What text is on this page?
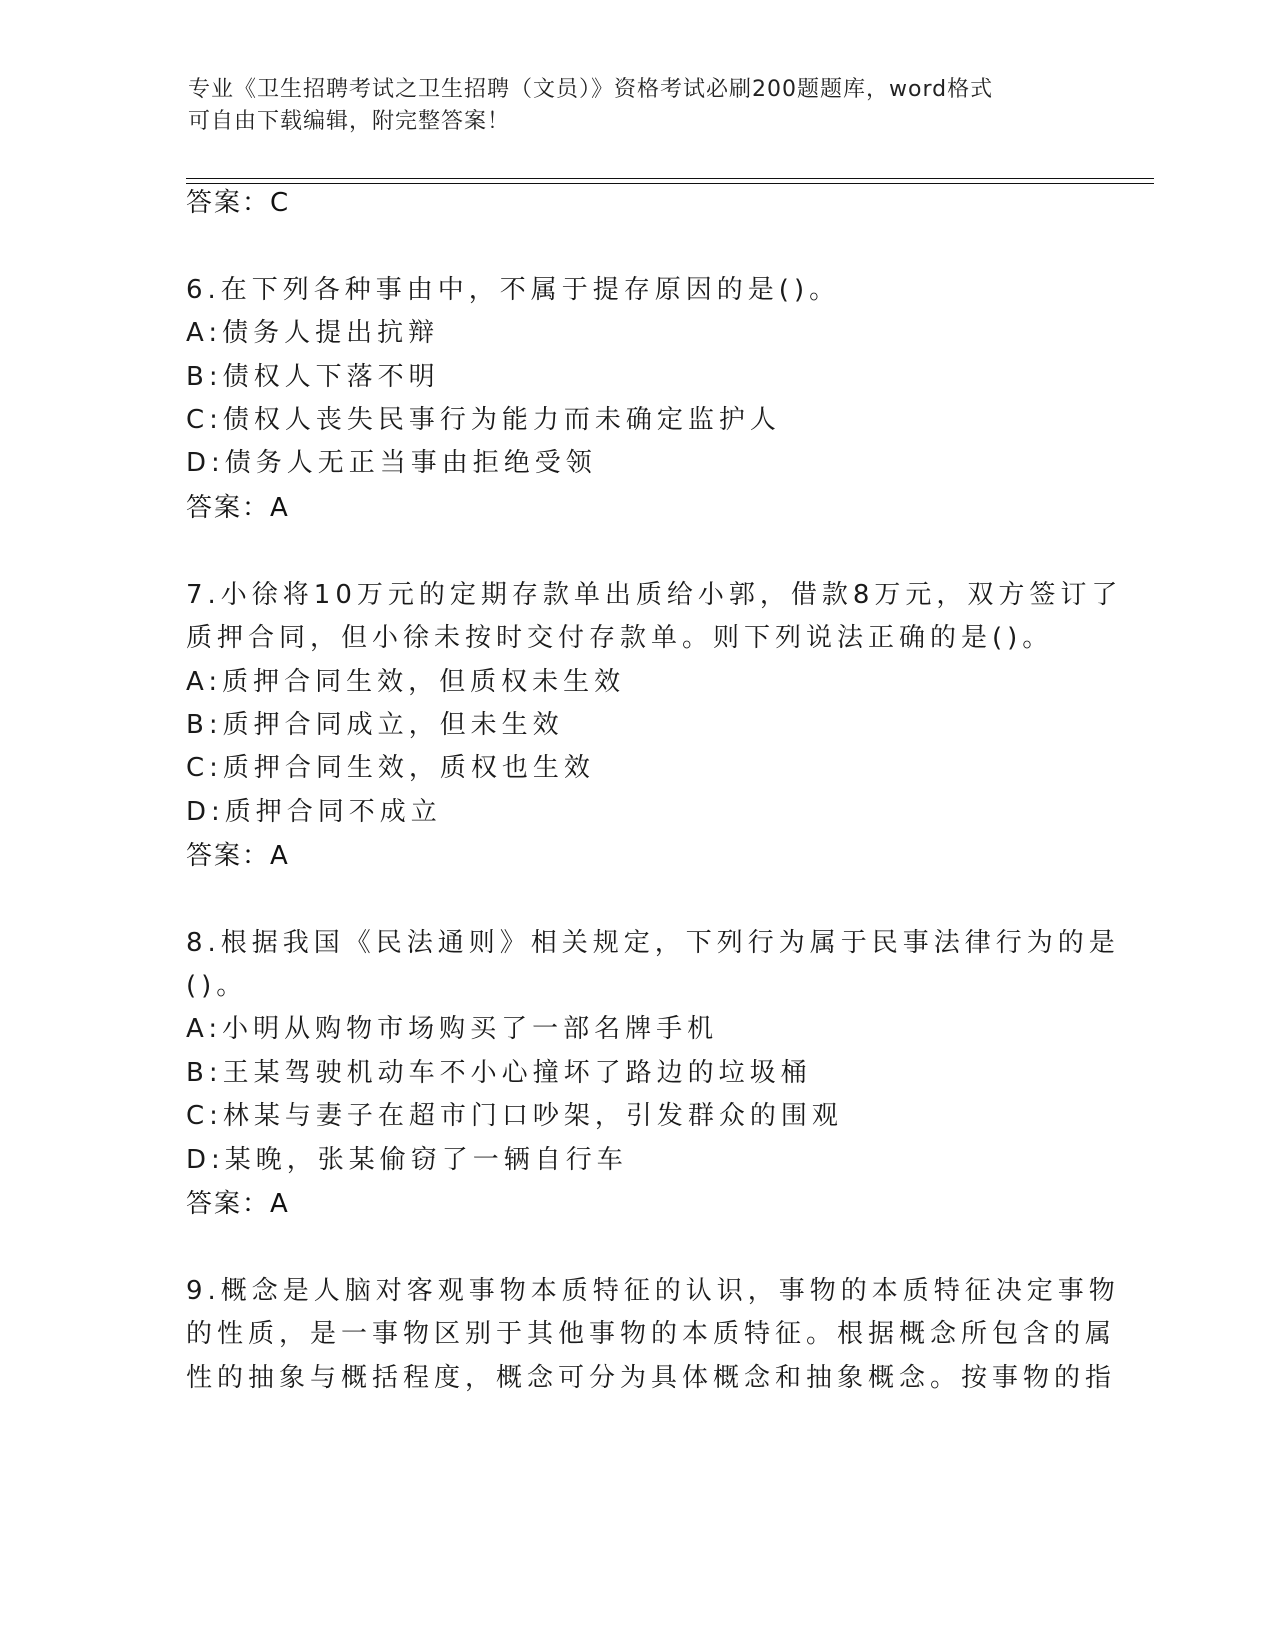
专业《卫生招聘考试之卫生招聘（文员）》资格考试必刷200题题库，word格式
可自由下载编辑，附完整答案！
答案：C
6.在下列各种事由中，不属于提存原因的是()。
A:债务人提出抗辩
B:债权人下落不明
C:债权人丧失民事行为能力而未确定监护人
D:债务人无正当事由拒绝受领
答案：A
7.小徐将10万元的定期存款单出质给小郭，借款8万元，双方签订了
质押合同，但小徐未按时交付存款单。则下列说法正确的是()。
A:质押合同生效，但质权未生效
B:质押合同成立，但未生效
C:质押合同生效，质权也生效
D:质押合同不成立
答案：A
8.根据我国《民法通则》相关规定，下列行为属于民事法律行为的是
()。
A:小明从购物市场购买了一部名牌手机
B:王某驾驶机动车不小心撞坏了路边的垃圾桶
C:林某与妻子在超市门口吵架，引发群众的围观
D:某晚，张某偷窃了一辆自行车
答案：A
9.概念是人脑对客观事物本质特征的认识，事物的本质特征决定事物
的性质，是一事物区别于其他事物的本质特征。根据概念所包含的属
性的抽象与概括程度，概念可分为具体概念和抽象概念。按事物的指
